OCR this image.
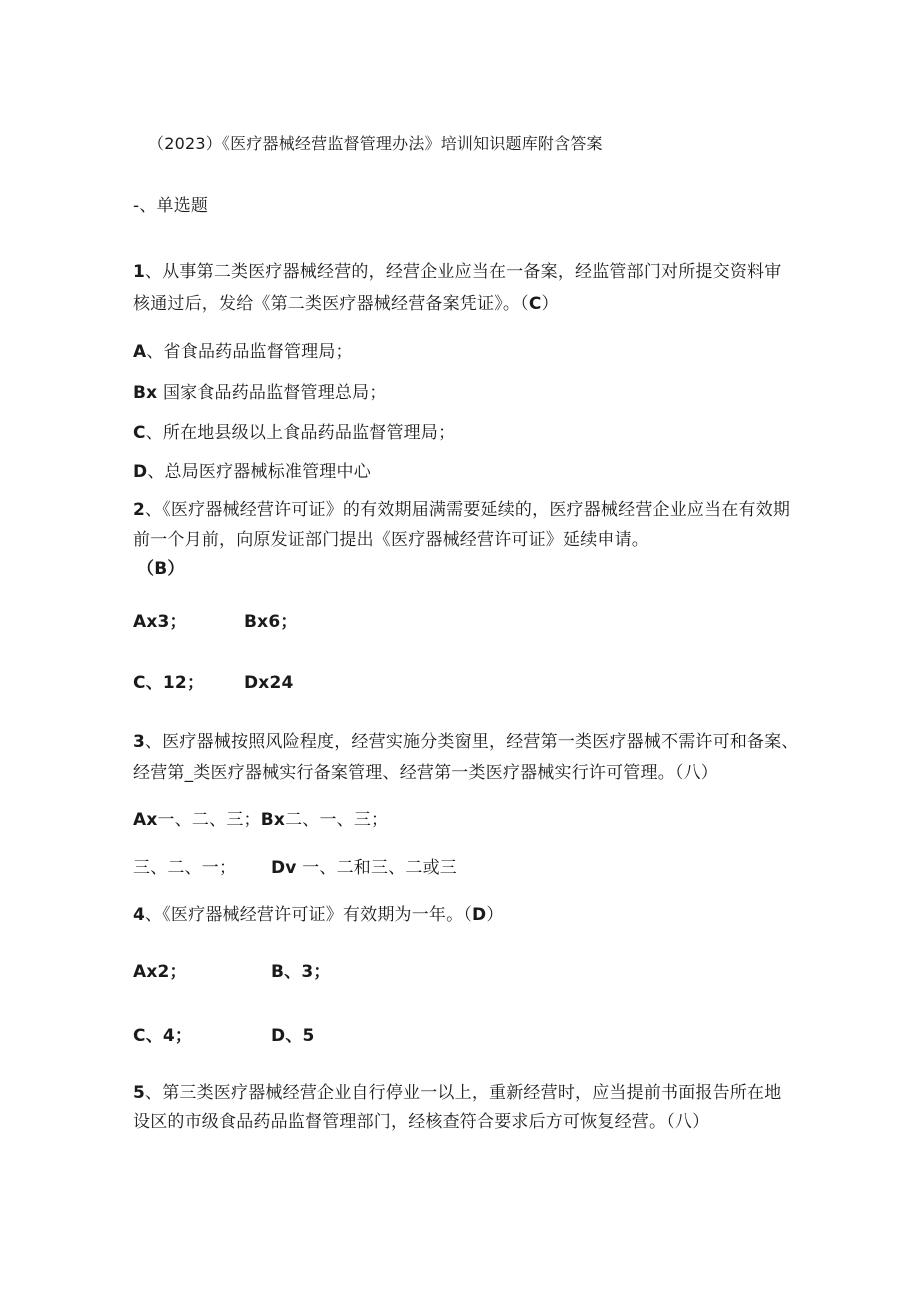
（2023）《医疗器械经营监督管理办法》培训知识题库附含答案
-、单选题
1、从事第二类医疗器械经营的，经营企业应当在一备案，经监管部门对所提交资料审
核通过后，发给《第二类医疗器械经营备案凭证》。（C）
A、省食品药品监督管理局；
Bx 国家食品药品监督管理总局；
C、所在地县级以上食品药品监督管理局；
D、总局医疗器械标准管理中心
2、《医疗器械经营许可证》的有效期届满需要延续的，医疗器械经营企业应当在有效期
前一个月前，向原发证部门提出《医疗器械经营许可证》延续申请。
（B）
Ax3；	Bx6；
C、12； Dx24
3、医疗器械按照风险程度，经营实施分类窗里，经营第一类医疗器械不需许可和备案、
经营第_类医疗器械实行备案管理、经营第一类医疗器械实行许可管理。（八）
Ax一、二、三；Bx二、一、三；
三、二、一； Dv 一、二和三、二或三
4、《医疗器械经营许可证》有效期为一年。（D）
Ax2；	B、3；
C、4；	D、5
5、第三类医疗器械经营企业自行停业一以上，重新经营时，应当提前书面报告所在地
设区的市级食品药品监督管理部门，经核查符合要求后方可恢复经营。（八）
